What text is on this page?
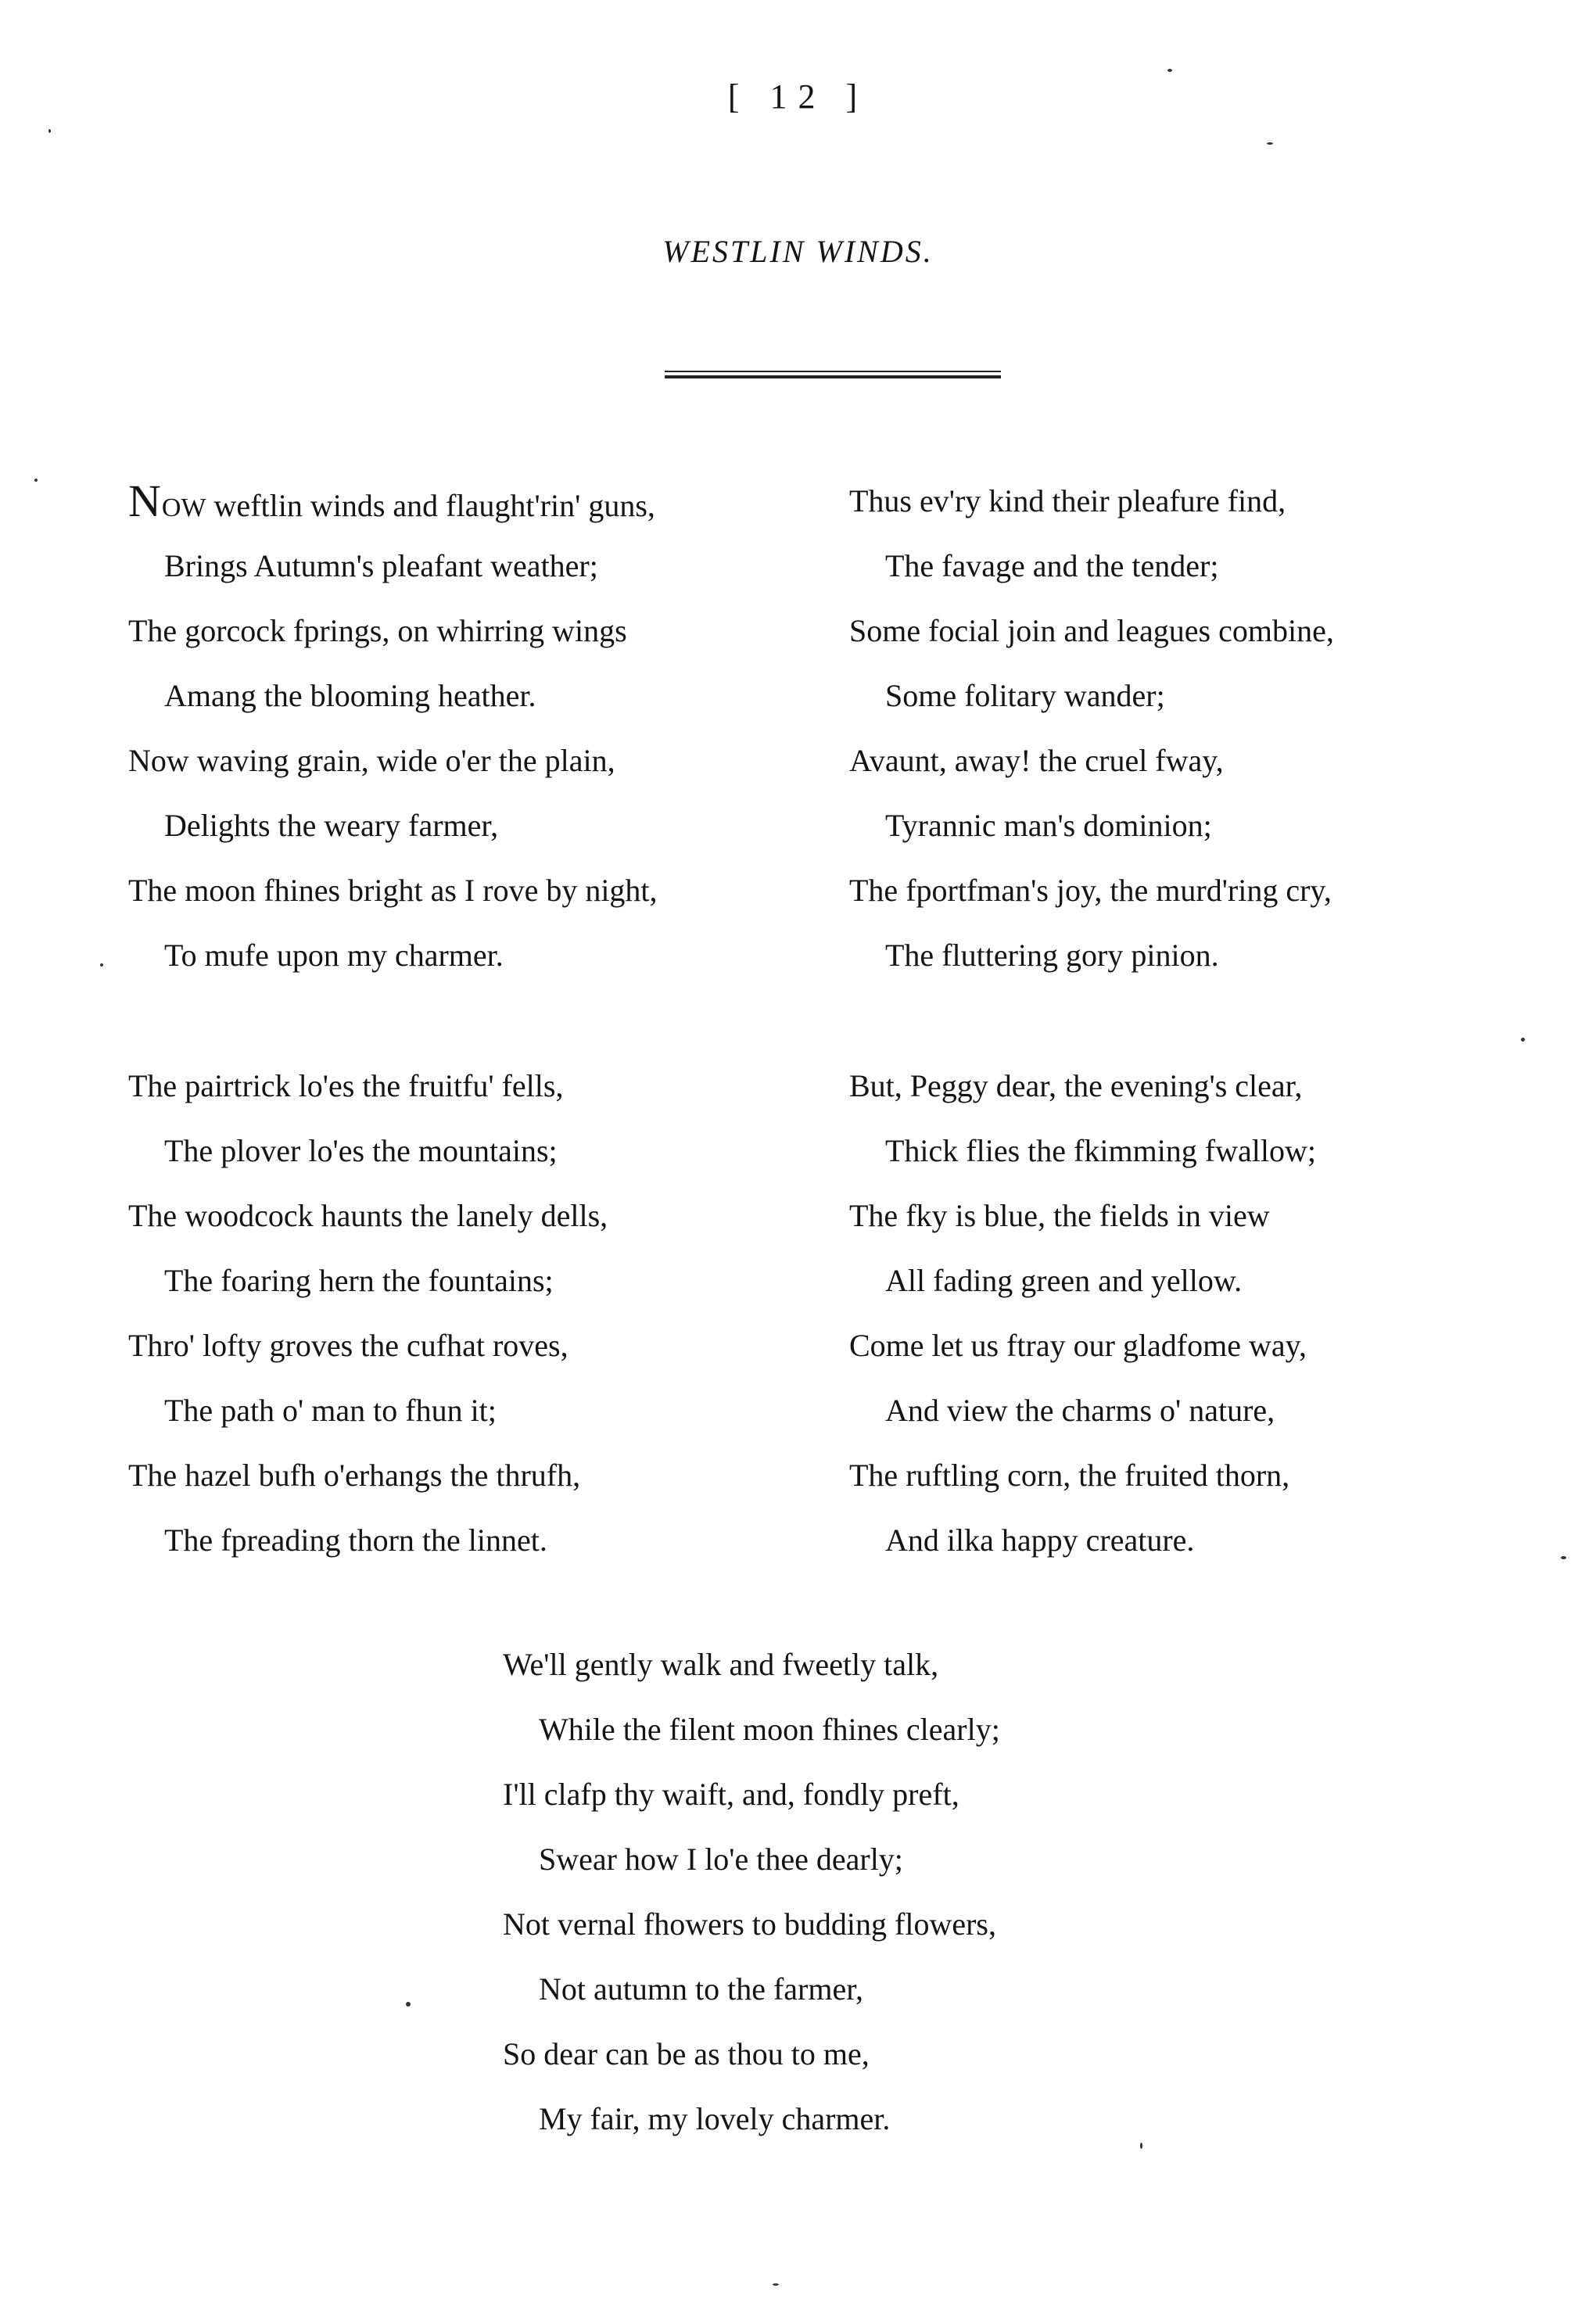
[ 12 ]
WESTLIN WINDS.
NOW weftlin winds and flaught'rin' guns,
Brings Autumn's pleafant weather;
The gorcock fprings, on whirring wings
Amang the blooming heather.
Now waving grain, wide o'er the plain,
Delights the weary farmer,
The moon fhines bright as I rove by night,
To mufe upon my charmer.
The pairtrick lo'es the fruitfu' fells,
The plover lo'es the mountains;
The woodcock haunts the lanely dells,
The foaring hern the fountains;
Thro' lofty groves the cufhat roves,
The path o' man to fhun it;
The hazel bufh o'erhangs the thrufh,
The fpreading thorn the linnet.
Thus ev'ry kind their pleafure find,
The favage and the tender;
Some focial join and leagues combine,
Some folitary wander;
Avaunt, away! the cruel fway,
Tyrannic man's dominion;
The fportfman's joy, the murd'ring cry,
The fluttering gory pinion.
But, Peggy dear, the evening's clear,
Thick flies the fkimming fwallow;
The fky is blue, the fields in view
All fading green and yellow.
Come let us ftray our gladfome way,
And view the charms o' nature,
The ruftling corn, the fruited thorn,
And ilka happy creature.
We'll gently walk and fweetly talk,
While the filent moon fhines clearly;
I'll clafp thy waift, and, fondly preft,
Swear how I lo'e thee dearly;
Not vernal fhowers to budding flowers,
Not autumn to the farmer,
So dear can be as thou to me,
My fair, my lovely charmer.
